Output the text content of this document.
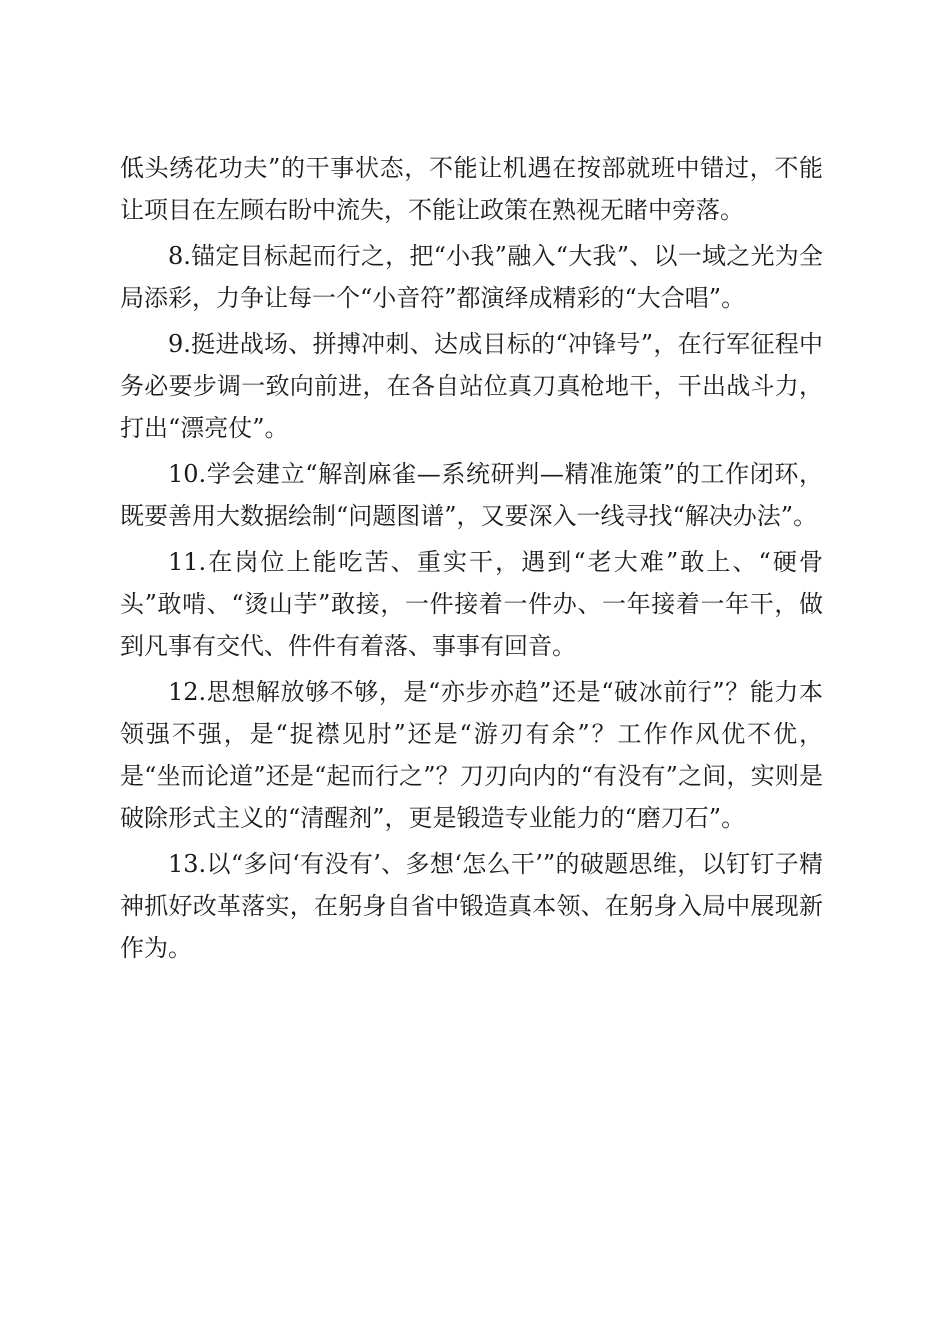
低头绣花功夫”的干事状态，不能让机遇在按部就班中错过，不能让项目在左顾右盼中流失，不能让政策在熟视无睹中旁落。

8.锚定目标起而行之，把“小我”融入“大我”、以一域之光为全局添彩，力争让每一个“小音符”都演绎成精彩的“大合唱”。

9.挺进战场、拼搏冲刺、达成目标的“冲锋号”，在行军征程中务必要步调一致向前进，在各自站位真刀真枪地干，干出战斗力，打出“漂亮仗”。

10.学会建立“解剖麻雀—系统研判—精准施策”的工作闭环，既要善用大数据绘制“问题图谱”，又要深入一线寻找“解决办法”。

11.在岗位上能吃苦、重实干，遇到“老大难”敢上、“硬骨头”敢啃、“烫山芋”敢接，一件接着一件办、一年接着一年干，做到凡事有交代、件件有着落、事事有回音。

12.思想解放够不够，是“亦步亦趋”还是“破冰前行”？能力本领强不强，是“捉襟见肘”还是“游刃有余”？工作作风优不优，是“坐而论道”还是“起而行之”？刀刃向内的“有没有”之间，实则是破除形式主义的“清醒剂”，更是锻造专业能力的“磨刀石”。

13.以“多问‘有没有’、多想‘怎么干’”的破题思维，以钉钉子精神抓好改革落实，在躬身自省中锻造真本领、在躬身入局中展现新作为。
